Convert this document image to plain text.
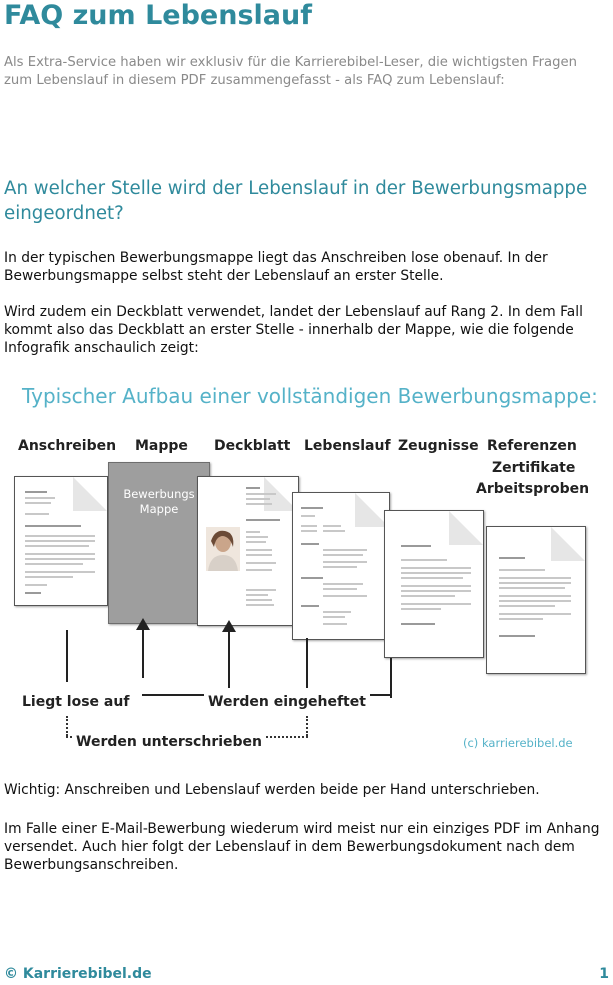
FAQ zum Lebenslauf

Als Extra-Service haben wir exklusiv für die Karrierebibel-Leser, die wichtigsten Fragen zum Lebenslauf in diesem PDF zusammengefasst - als FAQ zum Lebenslauf:

An welcher Stelle wird der Lebenslauf in der Bewerbungsmappe eingeordnet?

In der typischen Bewerbungsmappe liegt das Anschreiben lose obenauf. In der Bewerbungsmappe selbst steht der Lebenslauf an erster Stelle.

Wird zudem ein Deckblatt verwendet, landet der Lebenslauf auf Rang 2. In dem Fall kommt also das Deckblatt an erster Stelle - innerhalb der Mappe, wie die folgende Infografik anschaulich zeigt:

Typischer Aufbau einer vollständigen Bewerbungsmappe:
Anschreiben Mappe Deckblatt Lebenslauf Zeugnisse Referenzen
Zertifikate
Arbeitsproben
Bewerbungs
Mappe
Liegt lose auf	Werden eingeheftet
Werden unterschrieben	(c) karrierebibel.de

Wichtig: Anschreiben und Lebenslauf werden beide per Hand unterschrieben.

Im Falle einer E-Mail-Bewerbung wiederum wird meist nur ein einziges PDF im Anhang versendet. Auch hier folgt der Lebenslauf in dem Bewerbungsdokument nach dem Bewerbungsanschreiben.

© Karrierebibel.de	1
